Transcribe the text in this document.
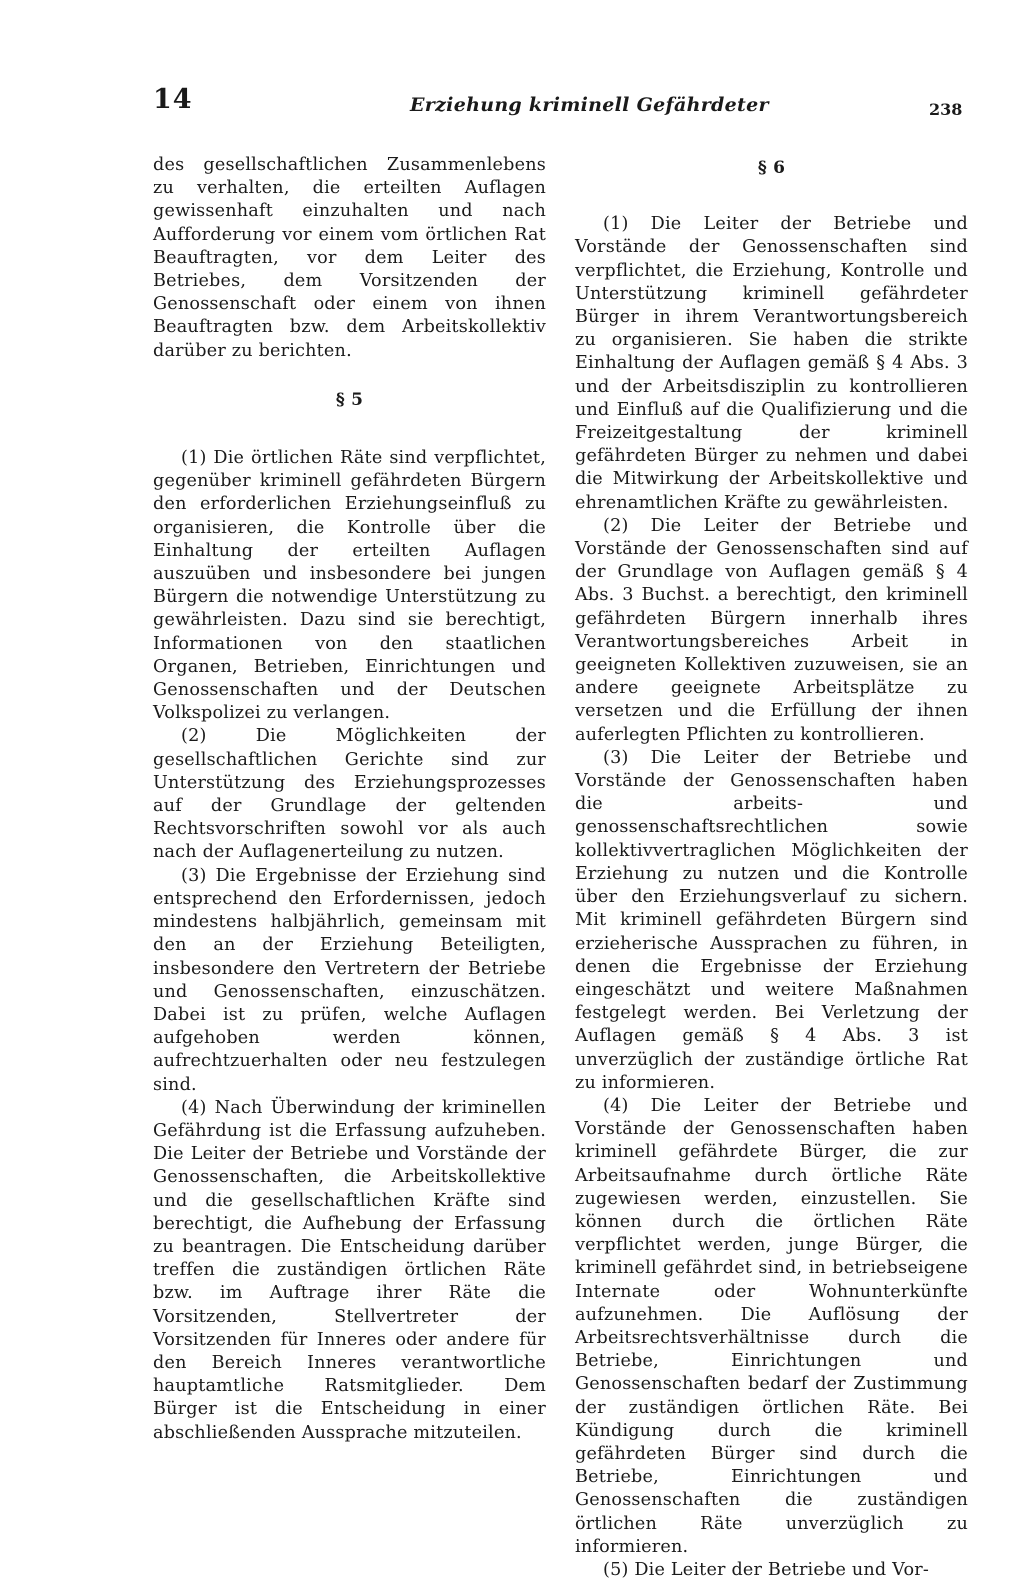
14	Erziehung kriminell Gefährdeter	238

des gesellschaftlichen Zusammenlebens zu verhalten, die erteilten Auflagen gewissenhaft einzuhalten und nach Aufforderung vor einem vom örtlichen Rat Beauftragten, vor dem Leiter des Betriebes, dem Vorsitzenden der Genossenschaft oder einem von ihnen Beauftragten bzw. dem Arbeitskollektiv darüber zu berichten.

§ 5

(1) Die örtlichen Räte sind verpflichtet, gegenüber kriminell gefährdeten Bürgern den erforderlichen Erziehungseinfluß zu organisieren, die Kontrolle über die Einhaltung der erteilten Auflagen auszuüben und insbesondere bei jungen Bürgern die notwendige Unterstützung zu gewährleisten. Dazu sind sie berechtigt, Informationen von den staatlichen Organen, Betrieben, Einrichtungen und Genossenschaften und der Deutschen Volkspolizei zu verlangen.

(2) Die Möglichkeiten der gesellschaftlichen Gerichte sind zur Unterstützung des Erziehungsprozesses auf der Grundlage der geltenden Rechtsvorschriften sowohl vor als auch nach der Auflagenerteilung zu nutzen.

(3) Die Ergebnisse der Erziehung sind entsprechend den Erfordernissen, jedoch mindestens halbjährlich, gemeinsam mit den an der Erziehung Beteiligten, insbesondere den Vertretern der Betriebe und Genossenschaften, einzuschätzen. Dabei ist zu prüfen, welche Auflagen aufgehoben werden können, aufrechtzuerhalten oder neu festzulegen sind.

(4) Nach Überwindung der kriminellen Gefährdung ist die Erfassung aufzuheben. Die Leiter der Betriebe und Vorstände der Genossenschaften, die Arbeitskollektive und die gesellschaftlichen Kräfte sind berechtigt, die Aufhebung der Erfassung zu beantragen. Die Entscheidung darüber treffen die zuständigen örtlichen Räte bzw. im Auftrage ihrer Räte die Vorsitzenden, Stellvertreter der Vorsitzenden für Inneres oder andere für den Bereich Inneres verantwortliche hauptamtliche Ratsmitglieder. Dem Bürger ist die Entscheidung in einer abschließenden Aussprache mitzuteilen.

§ 6

(1) Die Leiter der Betriebe und Vorstände der Genossenschaften sind verpflichtet, die Erziehung, Kontrolle und Unterstützung kriminell gefährdeter Bürger in ihrem Verantwortungsbereich zu organisieren. Sie haben die strikte Einhaltung der Auflagen gemäß § 4 Abs. 3 und der Arbeitsdisziplin zu kontrollieren und Einfluß auf die Qualifizierung und die Freizeitgestaltung der kriminell gefährdeten Bürger zu nehmen und dabei die Mitwirkung der Arbeitskollektive und ehrenamtlichen Kräfte zu gewährleisten.

(2) Die Leiter der Betriebe und Vorstände der Genossenschaften sind auf der Grundlage von Auflagen gemäß § 4 Abs. 3 Buchst. a berechtigt, den kriminell gefährdeten Bürgern innerhalb ihres Verantwortungsbereiches Arbeit in geeigneten Kollektiven zuzuweisen, sie an andere geeignete Arbeitsplätze zu versetzen und die Erfüllung der ihnen auferlegten Pflichten zu kontrollieren.

(3) Die Leiter der Betriebe und Vorstände der Genossenschaften haben die arbeits- und genossenschaftsrechtlichen sowie kollektivvertraglichen Möglichkeiten der Erziehung zu nutzen und die Kontrolle über den Erziehungsverlauf zu sichern. Mit kriminell gefährdeten Bürgern sind erzieherische Aussprachen zu führen, in denen die Ergebnisse der Erziehung eingeschätzt und weitere Maßnahmen festgelegt werden. Bei Verletzung der Auflagen gemäß § 4 Abs. 3 ist unverzüglich der zuständige örtliche Rat zu informieren.

(4) Die Leiter der Betriebe und Vorstände der Genossenschaften haben kriminell gefährdete Bürger, die zur Arbeitsaufnahme durch örtliche Räte zugewiesen werden, einzustellen. Sie können durch die örtlichen Räte verpflichtet werden, junge Bürger, die kriminell gefährdet sind, in betriebseigene Internate oder Wohnunterkünfte aufzunehmen. Die Auflösung der Arbeitsrechtsverhältnisse durch die Betriebe, Einrichtungen und Genossenschaften bedarf der Zustimmung der zuständigen örtlichen Räte. Bei Kündigung durch die kriminell gefährdeten Bürger sind durch die Betriebe, Einrichtungen und Genossenschaften die zuständigen örtlichen Räte unverzüglich zu informieren.

(5) Die Leiter der Betriebe und Vor-
